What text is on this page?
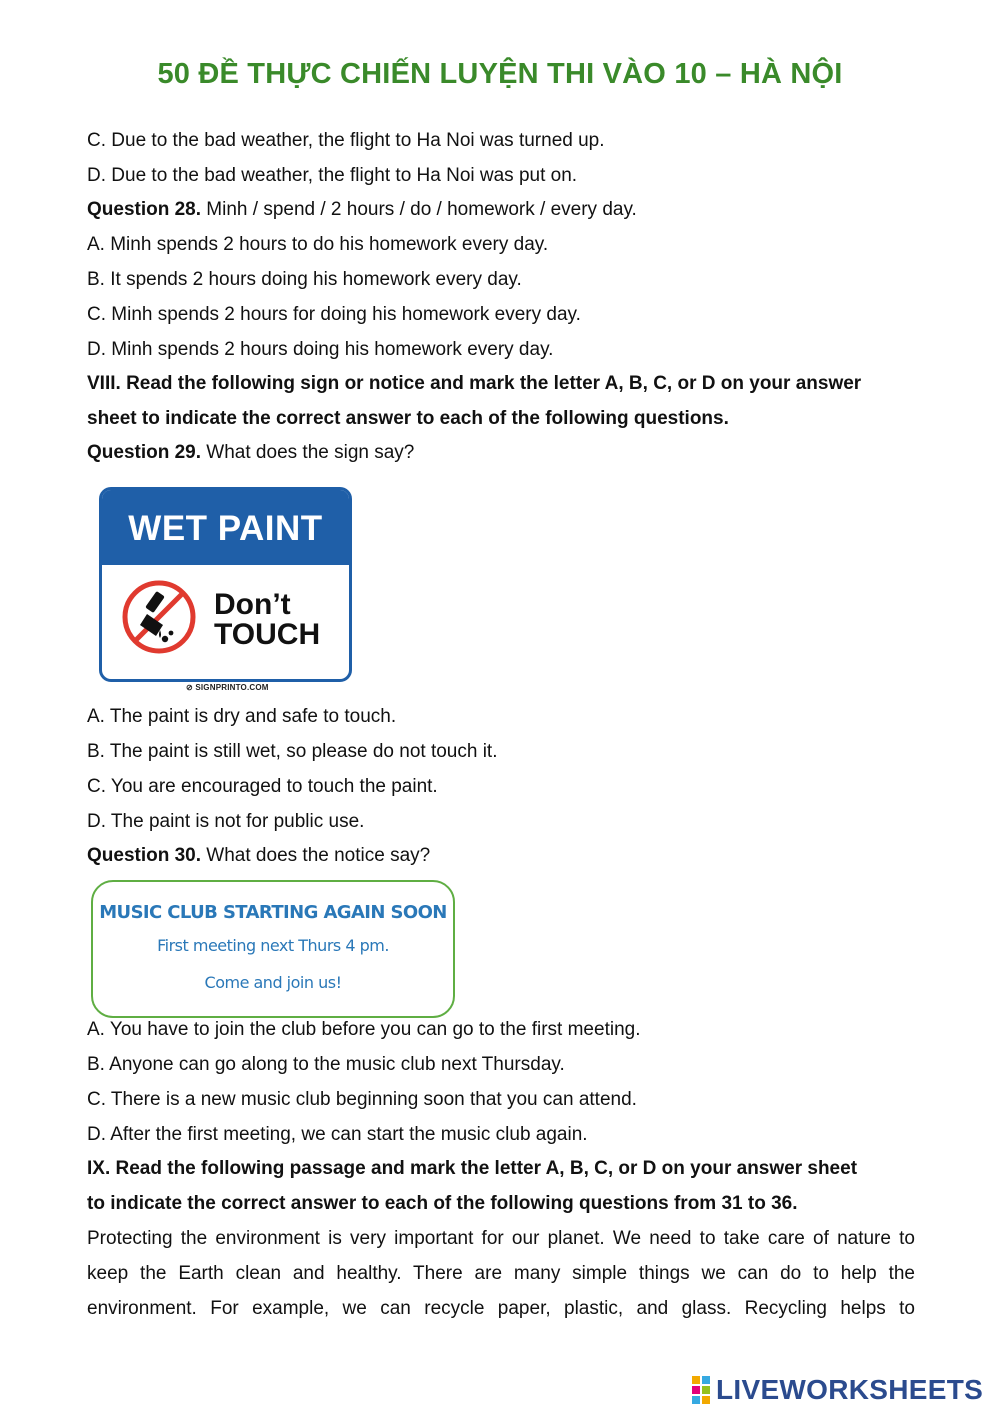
50 ĐỀ THỰC CHIẾN LUYỆN THI VÀO 10 – HÀ NỘI
C. Due to the bad weather, the flight to Ha Noi was turned up.
D. Due to the bad weather, the flight to Ha Noi was put on.
Question 28. Minh / spend / 2 hours / do / homework / every day.
A. Minh spends 2 hours to do his homework every day.
B. It spends 2 hours doing his homework every day.
C. Minh spends 2 hours for doing his homework every day.
D. Minh spends 2 hours doing his homework every day.
VIII. Read the following sign or notice and mark the letter A, B, C, or D on your answer
sheet to indicate the correct answer to each of the following questions.
Question 29. What does the sign say?
WET PAINT
Don’t
TOUCH
⊘ SIGNPRINTO.COM
A. The paint is dry and safe to touch.
B. The paint is still wet, so please do not touch it.
C. You are encouraged to touch the paint.
D. The paint is not for public use.
Question 30. What does the notice say?
MUSIC CLUB STARTING AGAIN SOON
First meeting next Thurs 4 pm.
Come and join us!
A. You have to join the club before you can go to the first meeting.
B. Anyone can go along to the music club next Thursday.
C. There is a new music club beginning soon that you can attend.
D. After the first meeting, we can start the music club again.
IX. Read the following passage and mark the letter A, B, C, or D on your answer sheet
to indicate the correct answer to each of the following questions from 31 to 36.
Protecting the environment is very important for our planet. We need to take care of nature to
keep the Earth clean and healthy. There are many simple things we can do to help the
environment. For example, we can recycle paper, plastic, and glass. Recycling helps to
LIVEWORKSHEETS
